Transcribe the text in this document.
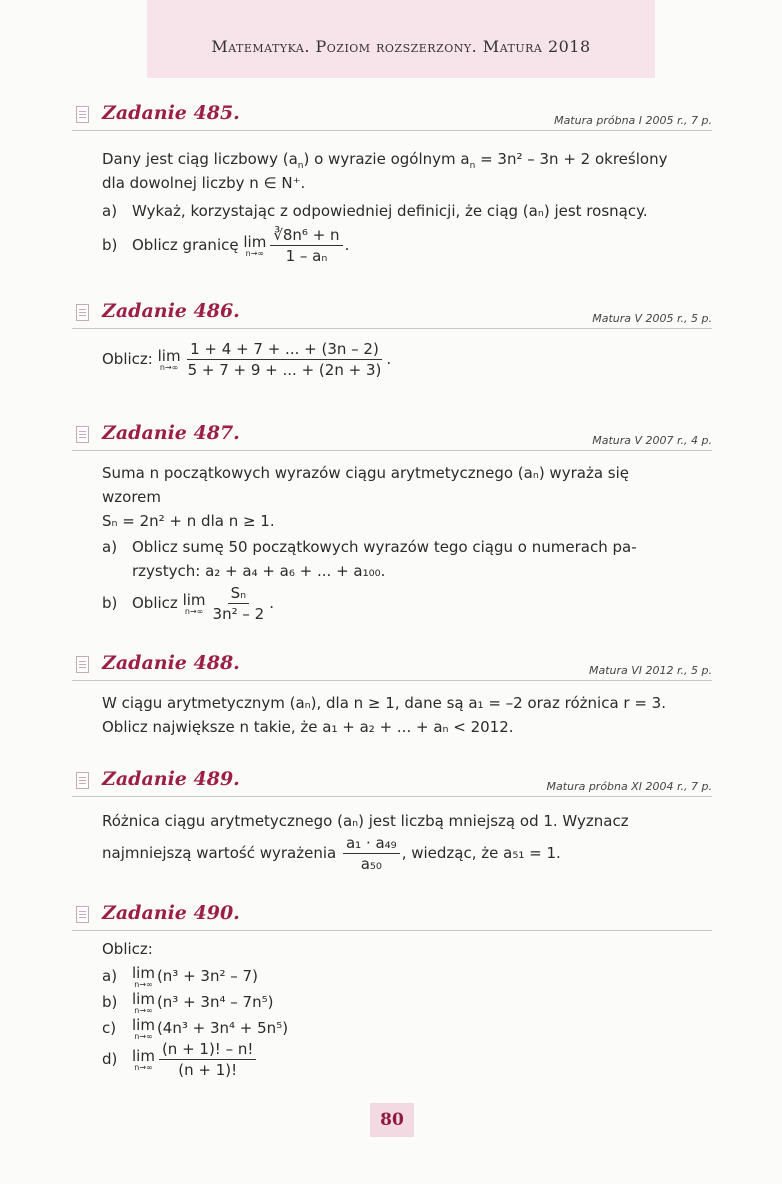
Matematyka. Poziom rozszerzony. Matura 2018
Zadanie 485.	Matura próbna I 2005 r., 7 p.
Dany jest ciąg liczbowy $(a_n)$ o wyrazie ogólnym $a_n = 3n^2 - 3n + 2$ określony
dla dowolnej liczby n ∈ N⁺.
a) Wykaż, korzystając z odpowiedniej definicji, że ciąg (aₙ) jest rosnący.
b) Oblicz granicę lim
$n\to\infty \frac{\text{∛8n⁶ + n}}{\text{1 – aₙ}}$ .
Zadanie 486.	Matura V 2005 r., 5 p.
Oblicz: lim
$n\to\infty \frac{1 + 4 + 7 + ... + (3n - 2)}{5 + 7 + 9 + ... + (2n + 3)}$ .
Zadanie 487.	Matura V 2007 r., 4 p.
Suma n początkowych wyrazów ciągu arytmetycznego (aₙ) wyraża się
wzorem
Sₙ = 2n² + n dla n ≥ 1.
a) Oblicz sumę 50 początkowych wyrazów tego ciągu o numerach pa-
rzystych: a₂ + a₄ + a₆ + ... + a₁₀₀.
b) Oblicz lim
$n\to\infty \frac{\text{Sₙ}}{\text{3n² – 2}}$ .
Zadanie 488.	Matura VI 2012 r., 5 p.
W ciągu arytmetycznym (aₙ), dla n ≥ 1, dane są a₁ = –2 oraz różnica r = 3.
Oblicz największe n takie, że a₁ + a₂ + ... + aₙ < 2012.
Zadanie 489.	Matura próbna XI 2004 r., 7 p.
Różnica ciągu arytmetycznego (aₙ) jest liczbą mniejszą od 1. Wyznacz
najmniejszą wartość wyrażenia $\frac{\text{a₁ · a₄₉}}{\text{a₅₀}}$ , wiedząc, że a₅₁ = 1.
Zadanie 490.
Oblicz:
a) lim
n→∞ (n³ + 3n² – 7)
b) lim
n→∞ (n³ + 3n⁴ – 7n⁵)
c) lim
n→∞ (4n³ + 3n⁴ + 5n⁵)
d) lim
$n\to\infty \frac{(n + 1)! - n!}{(n + 1)!}$
80
